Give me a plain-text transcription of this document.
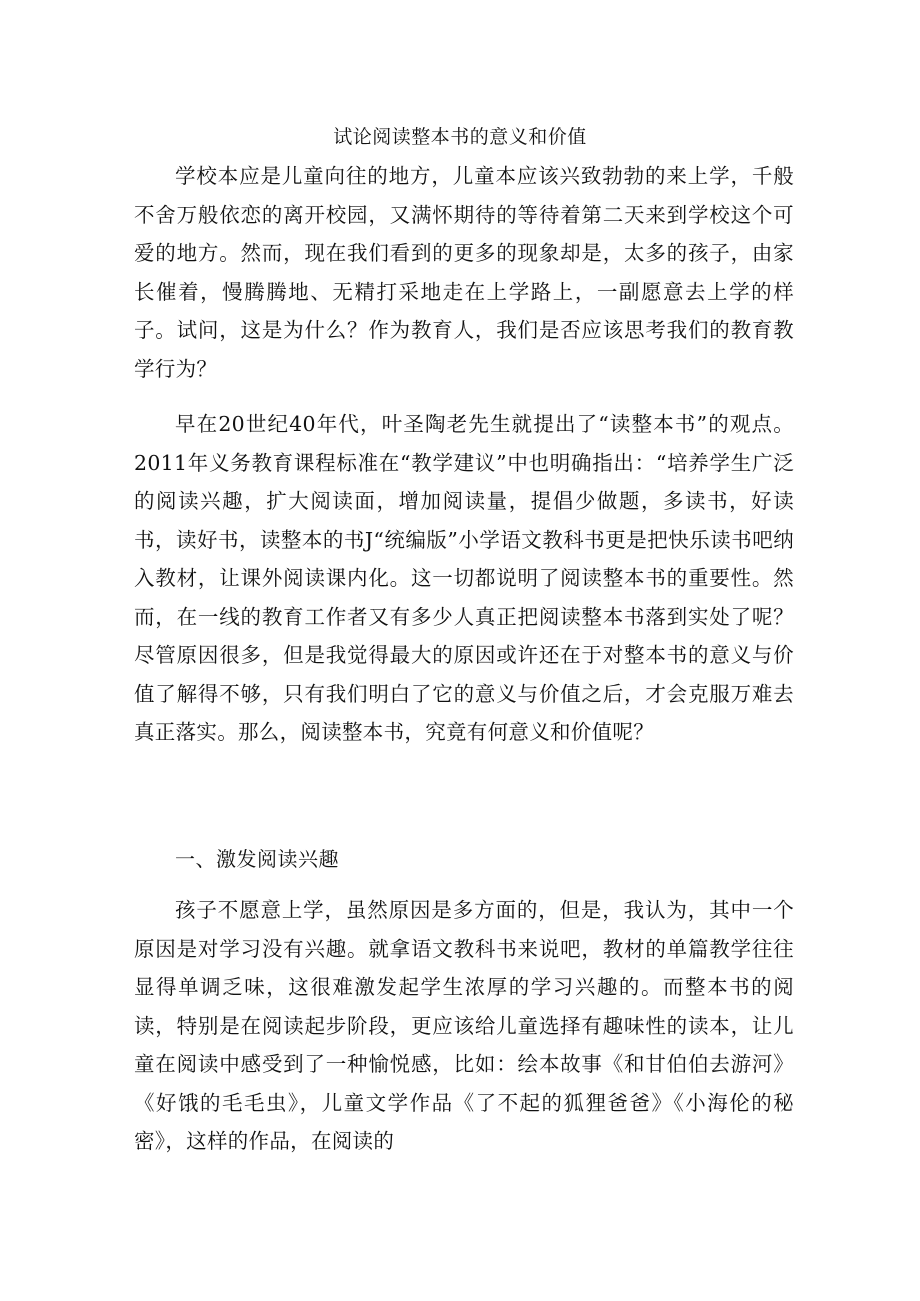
试论阅读整本书的意义和价值

学校本应是儿童向往的地方，儿童本应该兴致勃勃的来上学，千般不舍万般依恋的离开校园，又满怀期待的等待着第二天来到学校这个可爱的地方。然而，现在我们看到的更多的现象却是，太多的孩子，由家长催着，慢腾腾地、无精打采地走在上学路上，一副愿意去上学的样子。试问，这是为什么？作为教育人，我们是否应该思考我们的教育教学行为？

早在20世纪40年代，叶圣陶老先生就提出了“读整本书”的观点。2011年义务教育课程标准在“教学建议”中也明确指出：“培养学生广泛的阅读兴趣，扩大阅读面，增加阅读量，提倡少做题，多读书，好读书，读好书，读整本的书J“统编版”小学语文教科书更是把快乐读书吧纳入教材，让课外阅读课内化。这一切都说明了阅读整本书的重要性。然而，在一线的教育工作者又有多少人真正把阅读整本书落到实处了呢？尽管原因很多，但是我觉得最大的原因或许还在于对整本书的意义与价值了解得不够，只有我们明白了它的意义与价值之后，才会克服万难去真正落实。那么，阅读整本书，究竟有何意义和价值呢？

一、激发阅读兴趣

孩子不愿意上学，虽然原因是多方面的，但是，我认为，其中一个原因是对学习没有兴趣。就拿语文教科书来说吧，教材的单篇教学往往显得单调乏味，这很难激发起学生浓厚的学习兴趣的。而整本书的阅读，特别是在阅读起步阶段，更应该给儿童选择有趣味性的读本，让儿童在阅读中感受到了一种愉悦感，比如：绘本故事《和甘伯伯去游河》《好饿的毛毛虫》，儿童文学作品《了不起的狐狸爸爸》《小海伦的秘密》，这样的作品，在阅读的
